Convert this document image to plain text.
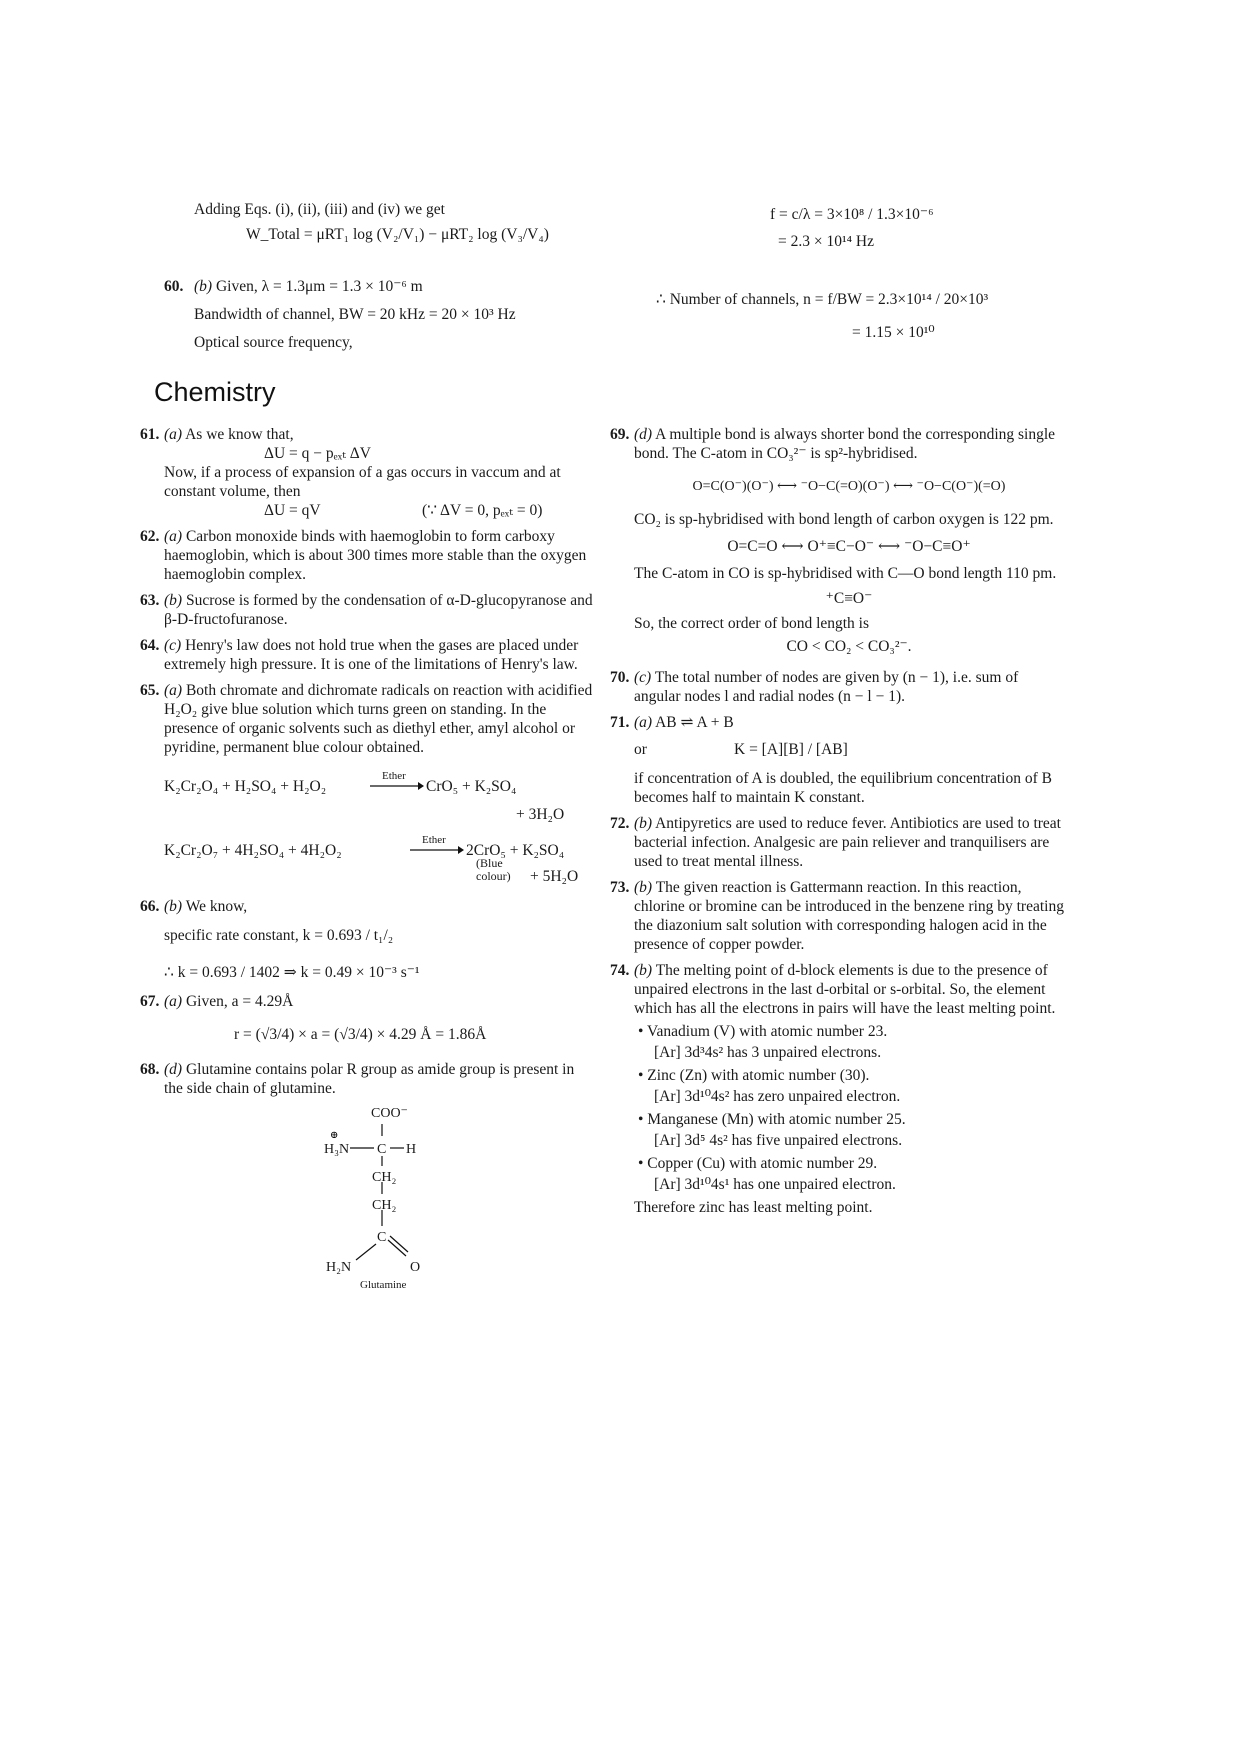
Adding Eqs. (i), (ii), (iii) and (iv) we get
W_Total = μRT₁ log (V₂/V₁) − μRT₂ log (V₃/V₄)
60. (b) Given, λ = 1.3μm = 1.3 × 10⁻⁶ m
Bandwidth of channel, BW = 20 kHz = 20 × 10³ Hz
Optical source frequency,
f = c/λ = 3×10⁸ / 1.3×10⁻⁶
= 2.3 × 10¹⁴ Hz
∴ Number of channels, n = f/BW = 2.3×10¹⁴ / 20×10³
= 1.15 × 10¹⁰
Chemistry
61. (a) As we know that,
ΔU = q − pₑₓₜ ΔV
Now, if a process of expansion of a gas occurs in vaccum and at constant volume, then
ΔU = qV	(∵ ΔV = 0, pₑₓₜ = 0)
62. (a) Carbon monoxide binds with haemoglobin to form carboxy haemoglobin, which is about 300 times more stable than the oxygen haemoglobin complex.
63. (b) Sucrose is formed by the condensation of α-D-glucopyranose and β-D-fructofuranose.
64. (c) Henry's law does not hold true when the gases are placed under extremely high pressure. It is one of the limitations of Henry's law.
65. (a) Both chromate and dichromate radicals on reaction with acidified H₂O₂ give blue solution which turns green on standing. In the presence of organic solvents such as diethyl ether, amyl alcohol or pyridine, permanent blue colour obtained.
K₂Cr₂O₄ + H₂SO₄ + H₂O₂
Ether
→ CrO₅ + K₂SO₄
+ 3H₂O
K₂Cr₂O₇ + 4H₂SO₄ + 4H₂O₂
Ether
→ 2CrO₅ + K₂SO₄
(Blue colour)	+ 5H₂O
66. (b) We know,
specific rate constant, k = 0.693 / t₁/₂
∴ k = 0.693 / 1402 ⇒ k = 0.49 × 10⁻³ s⁻¹
67. (a) Given, a = 4.29Å
r = (√3/4) × a = (√3/4) × 4.29 Å = 1.86Å
68. (d) Glutamine contains polar R group as amide group is present in the side chain of glutamine.
COO⁻
⊕
H₃N C H
CH₂
CH₂
C
H₂N	O
Glutamine
69. (d) A multiple bond is always shorter bond the corresponding single bond. The C-atom in CO₃²⁻ is sp²-hybridised.
O=C(O⁻)(O⁻) ⟷ ⁻O−C(=O)(O⁻) ⟷ ⁻O−C(O⁻)(=O)
CO₂ is sp-hybridised with bond length of carbon oxygen is 122 pm.
O=C=O ⟷ O⁺≡C−O⁻ ⟷ ⁻O−C≡O⁺
The C-atom in CO is sp-hybridised with C—O bond length 110 pm.
⁺C≡O⁻
So, the correct order of bond length is
CO < CO₂ < CO₃²⁻.
70. (c) The total number of nodes are given by (n − 1), i.e. sum of angular nodes l and radial nodes (n − l − 1).
71. (a) AB ⇌ A + B
or	K = [A][B] / [AB]
if concentration of A is doubled, the equilibrium concentration of B becomes half to maintain K constant.
72. (b) Antipyretics are used to reduce fever. Antibiotics are used to treat bacterial infection. Analgesic are pain reliever and tranquilisers are used to treat mental illness.
73. (b) The given reaction is Gattermann reaction. In this reaction, chlorine or bromine can be introduced in the benzene ring by treating the diazonium salt solution with corresponding halogen acid in the presence of copper powder.
74. (b) The melting point of d-block elements is due to the presence of unpaired electrons in the last d-orbital or s-orbital. So, the element which has all the electrons in pairs will have the least melting point.
• Vanadium (V) with atomic number 23.
[Ar] 3d³4s² has 3 unpaired electrons.
• Zinc (Zn) with atomic number (30).
[Ar] 3d¹⁰4s² has zero unpaired electron.
• Manganese (Mn) with atomic number 25.
[Ar] 3d⁵ 4s² has five unpaired electrons.
• Copper (Cu) with atomic number 29.
[Ar] 3d¹⁰4s¹ has one unpaired electron.
Therefore zinc has least melting point.
